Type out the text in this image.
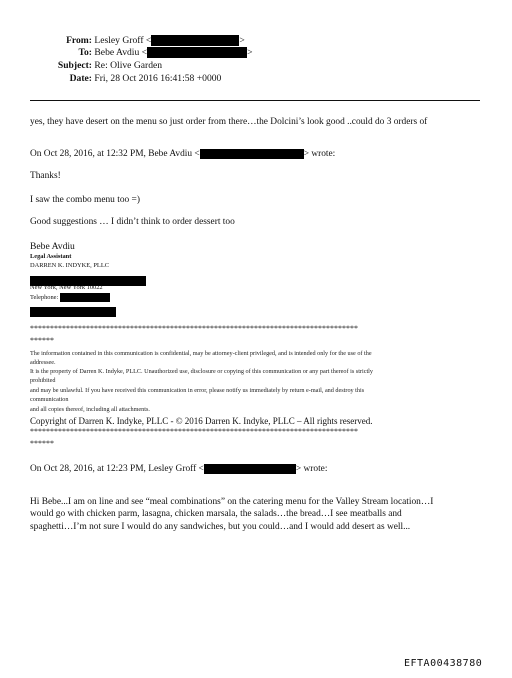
From: Lesley Groff <	>
To: Bebe Avdiu <	>
Subject: Re: Olive Garden
Date: Fri, 28 Oct 2016 16:41:58 +0000
yes, they have desert on the menu so just order from there…the Dolcini’s look good ..could do 3 orders of
On Oct 28, 2016, at 12:32 PM, Bebe Avdiu <	> wrote:
Thanks!
I saw the combo menu too =)
Good suggestions … I didn’t think to order dessert too
Bebe Avdiu
Legal Assistant
DARREN K. INDYKE, PLLC
New York, New York 10022
Telephone:
**********************************************************************************
******
The information contained in this communication is confidential, may be attorney-client privileged, and is intended only for the use of the
addressee.
It is the property of Darren K. Indyke, PLLC. Unauthorized use, disclosure or copying of this communication or any part thereof is strictly
prohibited
and may be unlawful. If you have received this communication in error, please notify us immediately by return e-mail, and destroy this
communication
and all copies thereof, including all attachments.
Copyright of Darren K. Indyke, PLLC - © 2016 Darren K. Indyke, PLLC – All rights reserved.
**********************************************************************************
******
On Oct 28, 2016, at 12:23 PM, Lesley Groff <	> wrote:
Hi Bebe...I am on line and see “meal combinations” on the catering menu for the Valley Stream location…I
would go with chicken parm, lasagna, chicken marsala, the salads…the bread…I see meatballs and
spaghetti…I’m not sure I would do any sandwiches, but you could…and I would add desert as well...
EFTA00438780
